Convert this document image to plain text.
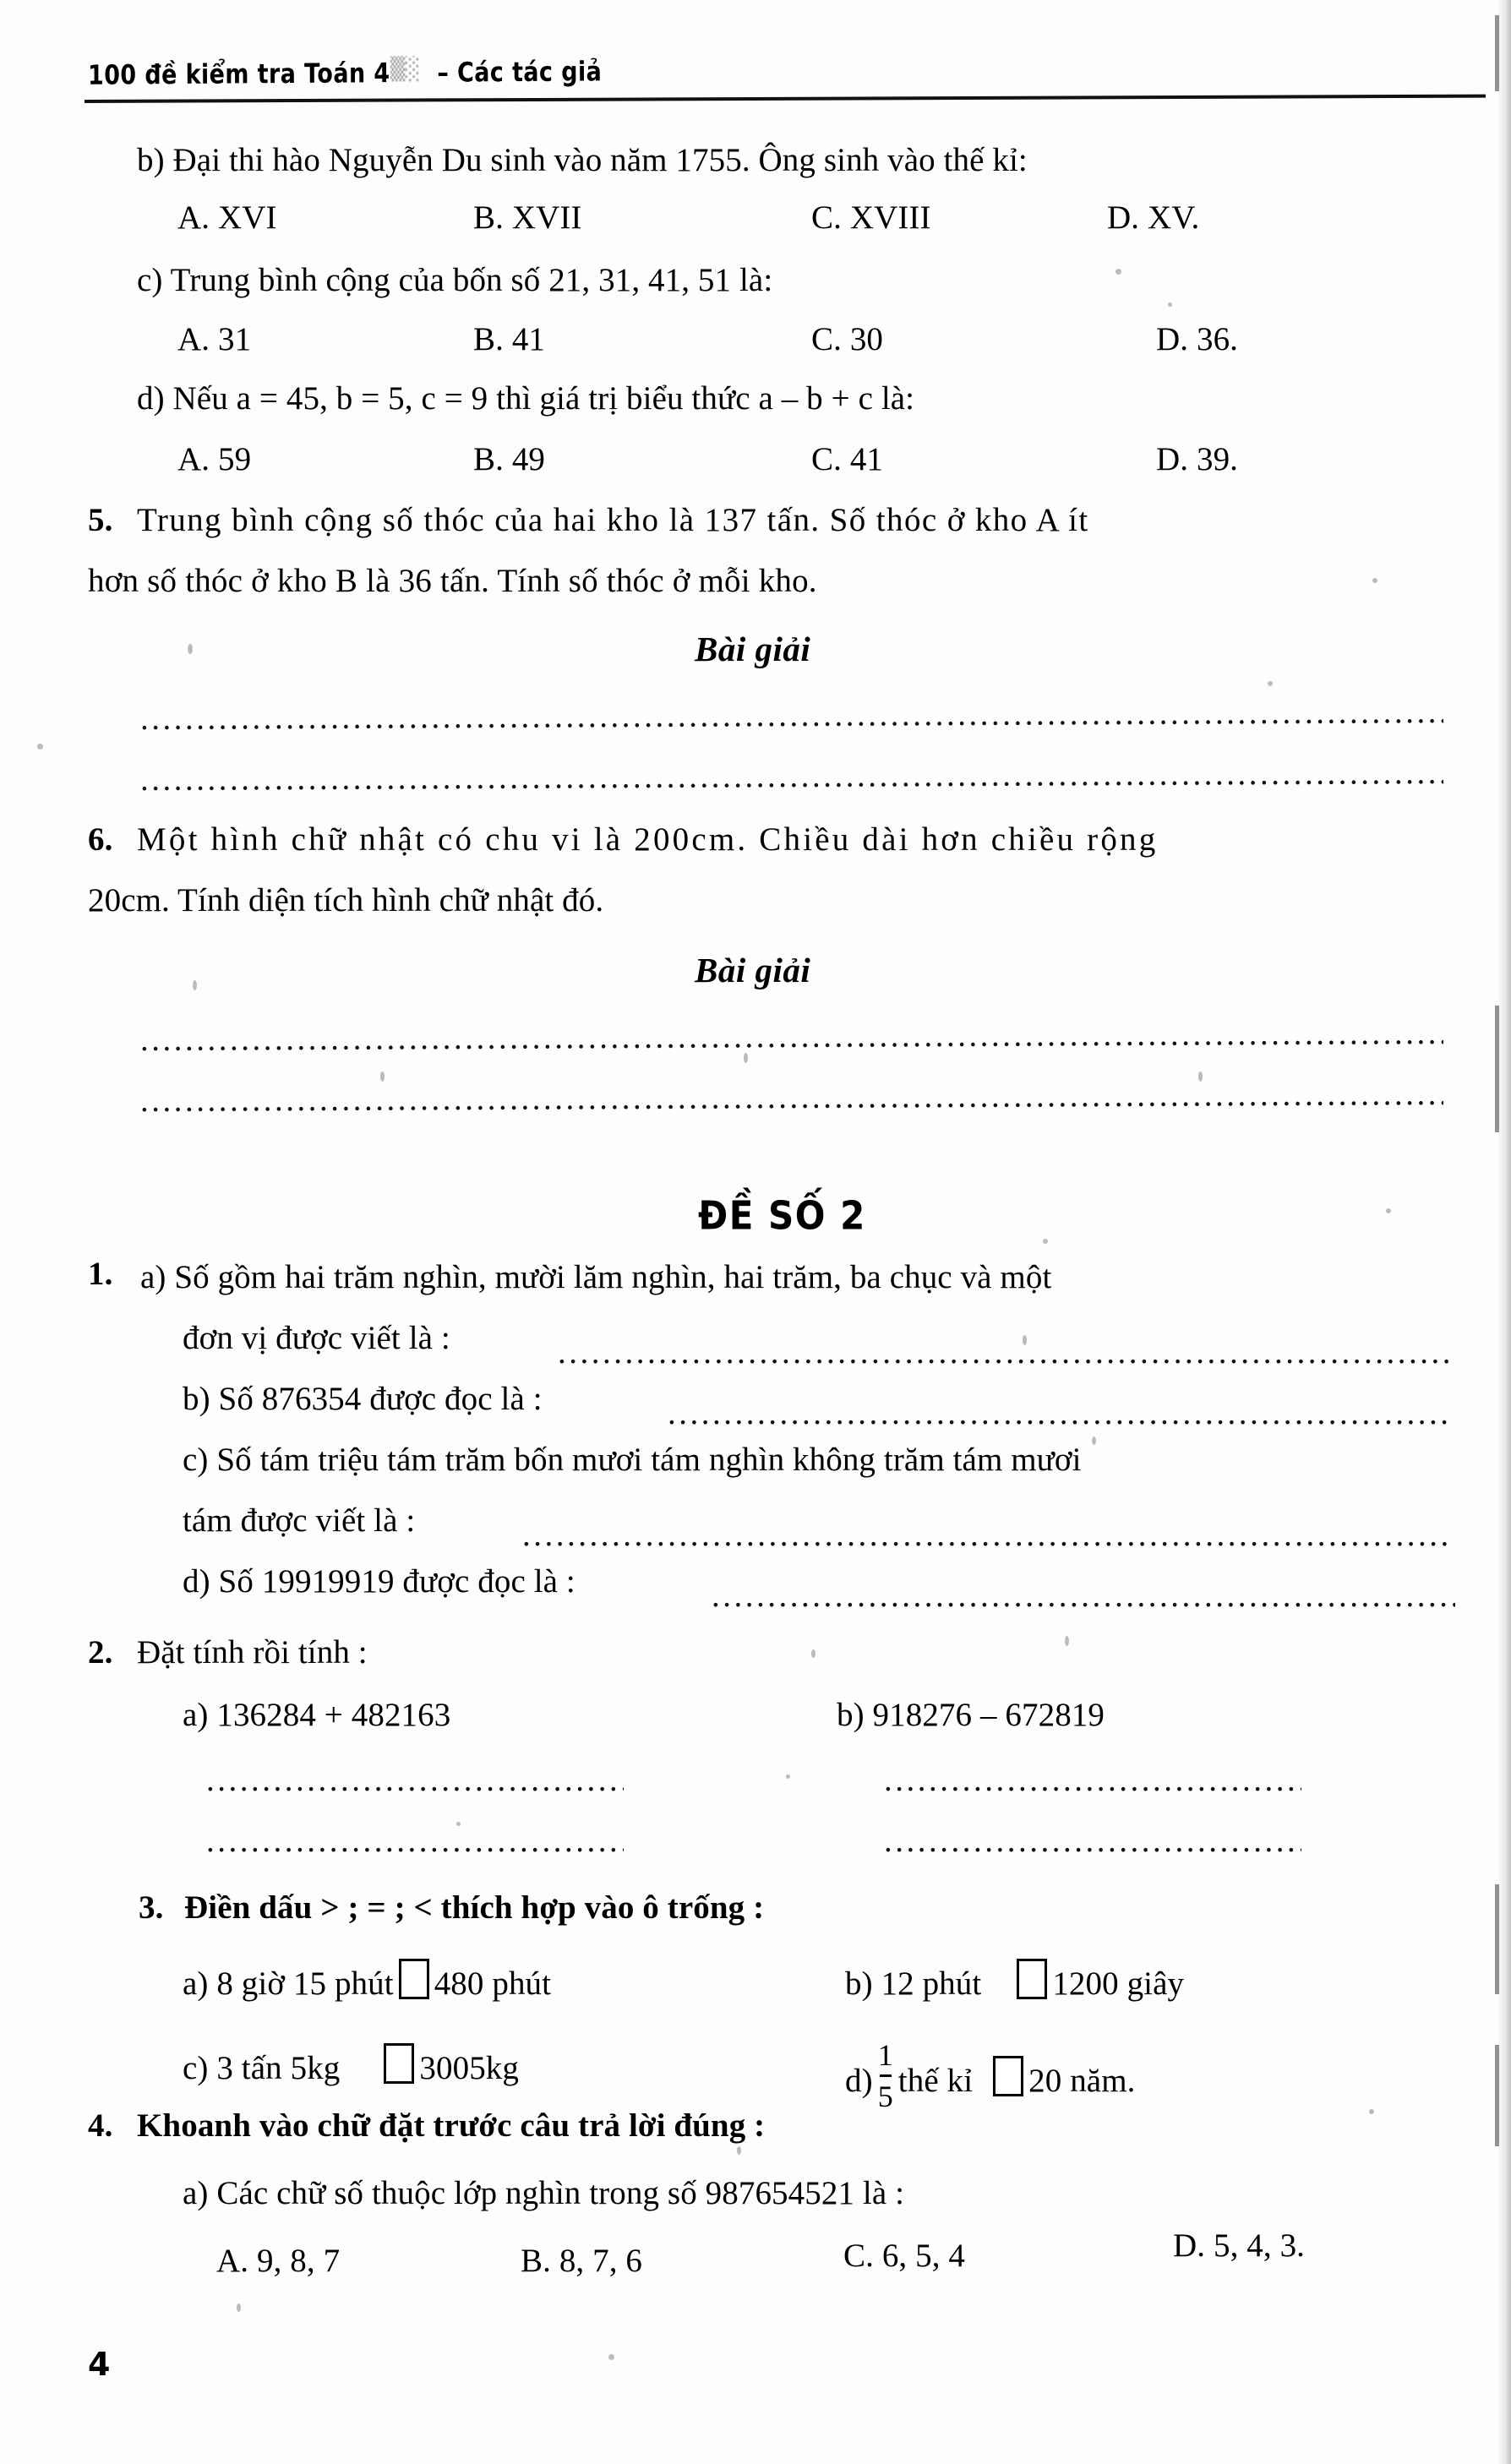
100 đề kiểm tra Toán 4▒░ – Các tác giả
b) Đại thi hào Nguyễn Du sinh vào năm 1755. Ông sinh vào thế kỉ:
A. XVI	B. XVII	C. XVIII	D. XV.
c) Trung bình cộng của bốn số 21, 31, 41, 51 là:
A. 31	B. 41	C. 30	D. 36.
d) Nếu a = 45, b = 5, c = 9 thì giá trị biểu thức a – b + c là:
A. 59	B. 49	C. 41	D. 39.
5. Trung bình cộng số thóc của hai kho là 137 tấn. Số thóc ở kho A ít
hơn số thóc ở kho B là 36 tấn. Tính số thóc ở mỗi kho.
Bài giải
.....
.....
6. Một hình chữ nhật có chu vi là 200cm. Chiều dài hơn chiều rộng
20cm. Tính diện tích hình chữ nhật đó.
Bài giải
.....
.....
ĐỀ SỐ 2
1. a) Số gồm hai trăm nghìn, mười lăm nghìn, hai trăm, ba chục và một
đơn vị được viết là :
.....
b) Số 876354 được đọc là :
.....
c) Số tám triệu tám trăm bốn mươi tám nghìn không trăm tám mươi
tám được viết là :
.....
d) Số 19919919 được đọc là :
.....
2. Đặt tính rồi tính :
a) 136284 + 482163	b) 918276 – 672819
.....
.....
.....
.....
3. Điền dấu > ; = ; < thích hợp vào ô trống :
a) 8 giờ 15 phút 480 phút	b) 12 phút 1200 giây
c) 3 tấn 5kg 3005kg	$d) \frac{1}{5}$ thế kỉ 20 năm.
4. Khoanh vào chữ đặt trước câu trả lời đúng :
a) Các chữ số thuộc lớp nghìn trong số 987654521 là :
A. 9, 8, 7	B. 8, 7, 6	C. 6, 5, 4	D. 5, 4, 3.
4
